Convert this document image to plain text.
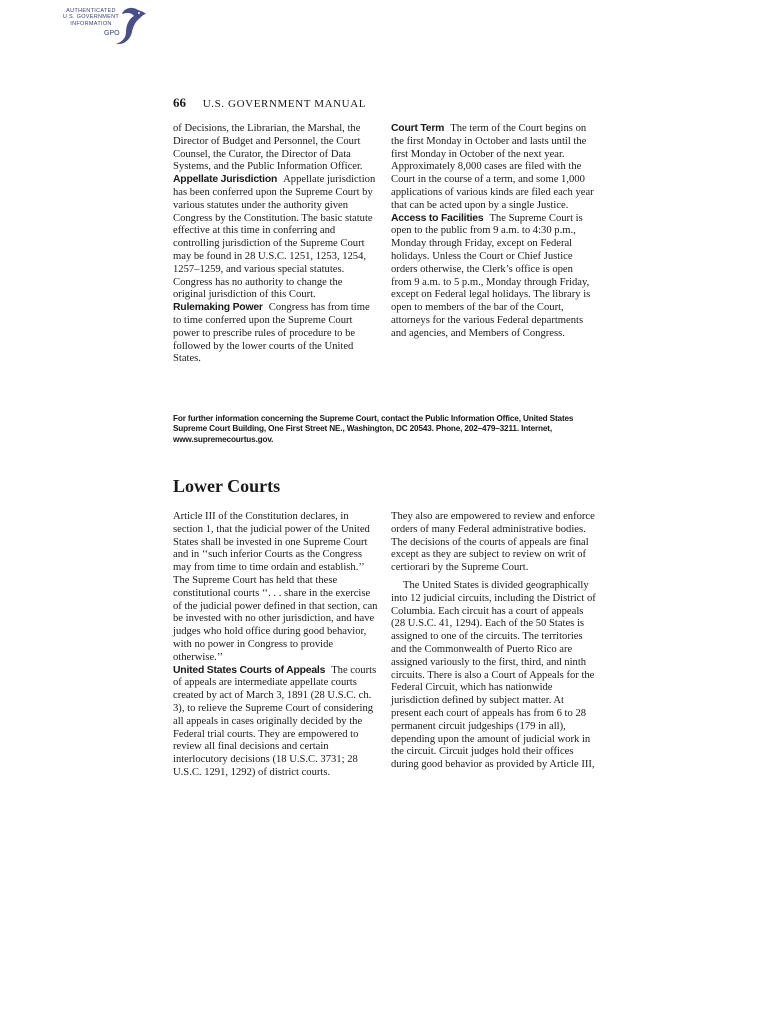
AUTHENTICATED
U.S. GOVERNMENT
INFORMATION
GPO
66 U.S. GOVERNMENT MANUAL

of Decisions, the Librarian, the Marshal, the Director of Budget and Personnel, the Court Counsel, the Curator, the Director of Data Systems, and the Public Information Officer.

Appellate Jurisdiction Appellate jurisdiction has been conferred upon the Supreme Court by various statutes under the authority given Congress by the Constitution. The basic statute effective at this time in conferring and controlling jurisdiction of the Supreme Court may be found in 28 U.S.C. 1251, 1253, 1254, 1257–1259, and various special statutes. Congress has no authority to change the original jurisdiction of this Court.

Rulemaking Power Congress has from time to time conferred upon the Supreme Court power to prescribe rules of procedure to be followed by the lower courts of the United States.

Court Term The term of the Court begins on the first Monday in October and lasts until the first Monday in October of the next year. Approximately 8,000 cases are filed with the Court in the course of a term, and some 1,000 applications of various kinds are filed each year that can be acted upon by a single Justice.

Access to Facilities The Supreme Court is open to the public from 9 a.m. to 4:30 p.m., Monday through Friday, except on Federal holidays. Unless the Court or Chief Justice orders otherwise, the Clerk’s office is open from 9 a.m. to 5 p.m., Monday through Friday, except on Federal legal holidays. The library is open to members of the bar of the Court, attorneys for the various Federal departments and agencies, and Members of Congress.

For further information concerning the Supreme Court, contact the Public Information Office, United States Supreme Court Building, One First Street NE., Washington, DC 20543. Phone, 202–479–3211. Internet, www.supremecourtus.gov.
Lower Courts

Article III of the Constitution declares, in section 1, that the judicial power of the United States shall be invested in one Supreme Court and in ‘‘such inferior Courts as the Congress may from time to time ordain and establish.’’ The Supreme Court has held that these constitutional courts ‘‘. . . share in the exercise of the judicial power defined in that section, can be invested with no other jurisdiction, and have judges who hold office during good behavior, with no power in Congress to provide otherwise.’’

United States Courts of Appeals The courts of appeals are intermediate appellate courts created by act of March 3, 1891 (28 U.S.C. ch. 3), to relieve the Supreme Court of considering all appeals in cases originally decided by the Federal trial courts. They are empowered to review all final decisions and certain interlocutory decisions (18 U.S.C. 3731; 28 U.S.C. 1291, 1292) of district courts.

They also are empowered to review and enforce orders of many Federal administrative bodies. The decisions of the courts of appeals are final except as they are subject to review on writ of certiorari by the Supreme Court.

The United States is divided geographically into 12 judicial circuits, including the District of Columbia. Each circuit has a court of appeals (28 U.S.C. 41, 1294). Each of the 50 States is assigned to one of the circuits. The territories and the Commonwealth of Puerto Rico are assigned variously to the first, third, and ninth circuits. There is also a Court of Appeals for the Federal Circuit, which has nationwide jurisdiction defined by subject matter. At present each court of appeals has from 6 to 28 permanent circuit judgeships (179 in all), depending upon the amount of judicial work in the circuit. Circuit judges hold their offices during good behavior as provided by Article III,
